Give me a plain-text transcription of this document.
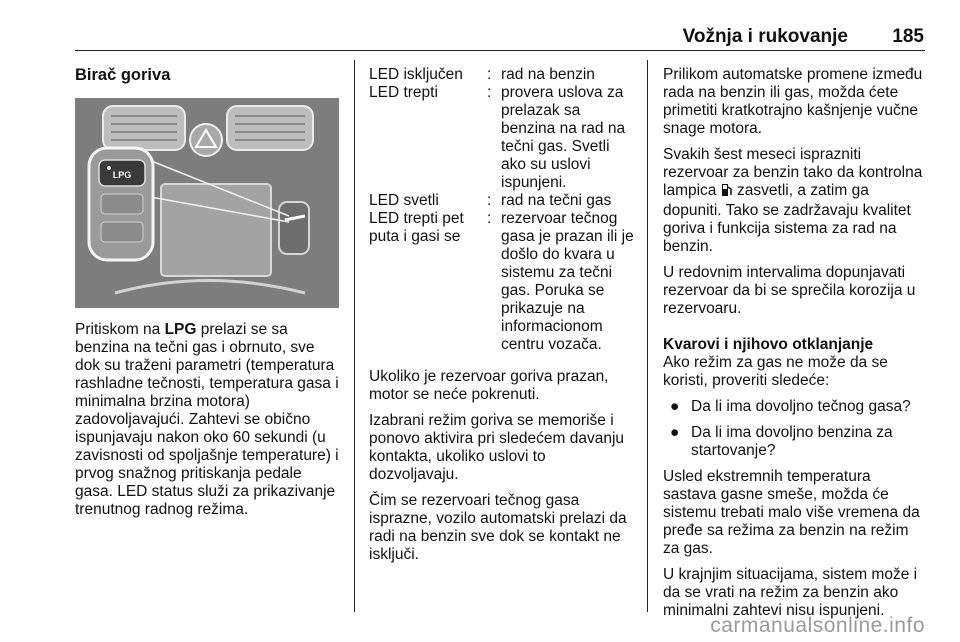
Vožnja i rukovanje 185

Birač goriva

LPG

Pritiskom na LPG prelazi se sa benzina na tečni gas i obrnuto, sve dok su traženi parametri (temperatura rashladne tečnosti, temperatura gasa i minimalna brzina motora) zadovoljavajući. Zahtevi se obično ispunjavaju nakon oko 60 sekundi (u zavisnosti od spoljašnje temperature) i prvog snažnog pritiskanja pedale gasa. LED status služi za prikazivanje trenutnog radnog režima.

LED isključen	:	rad na benzin
LED trepti	:	provera uslova za prelazak sa benzina na rad na tečni gas. Svetli ako su uslovi ispunjeni.
LED svetli	:	rad na tečni gas
LED trepti pet puta i gasi se	:	rezervoar tečnog gasa je prazan ili je došlo do kvara u sistemu za tečni gas. Poruka se prikazuje na informacionom centru vozača.

Ukoliko je rezervoar goriva prazan, motor se neće pokrenuti.

Izabrani režim goriva se memoriše i ponovo aktivira pri sledećem davanju kontakta, ukoliko uslovi to dozvoljavaju.

Čim se rezervoari tečnog gasa isprazne, vozilo automatski prelazi da radi na benzin sve dok se kontakt ne isključi.

Prilikom automatske promene između rada na benzin ili gas, možda ćete primetiti kratkotrajno kašnjenje vučne snage motora.

Svakih šest meseci isprazniti rezervoar za benzin tako da kontrolna lampica  zasvetli, a zatim ga dopuniti. Tako se zadržavaju kvalitet goriva i funkcija sistema za rad na benzin.

U redovnim intervalima dopunjavati rezervoar da bi se sprečila korozija u rezervoaru.

Kvarovi i njihovo otklanjanje

Ako režim za gas ne može da se koristi, proveriti sledeće:

● Da li ima dovoljno tečnog gasa?
● Da li ima dovoljno benzina za startovanje?

Usled ekstremnih temperatura sastava gasne smeše, možda će sistemu trebati malo više vremena da pređe sa režima za benzin na režim za gas.

U krajnjim situacijama, sistem može i da se vrati na režim za benzin ako minimalni zahtevi nisu ispunjeni.

carmanualsonline.info
